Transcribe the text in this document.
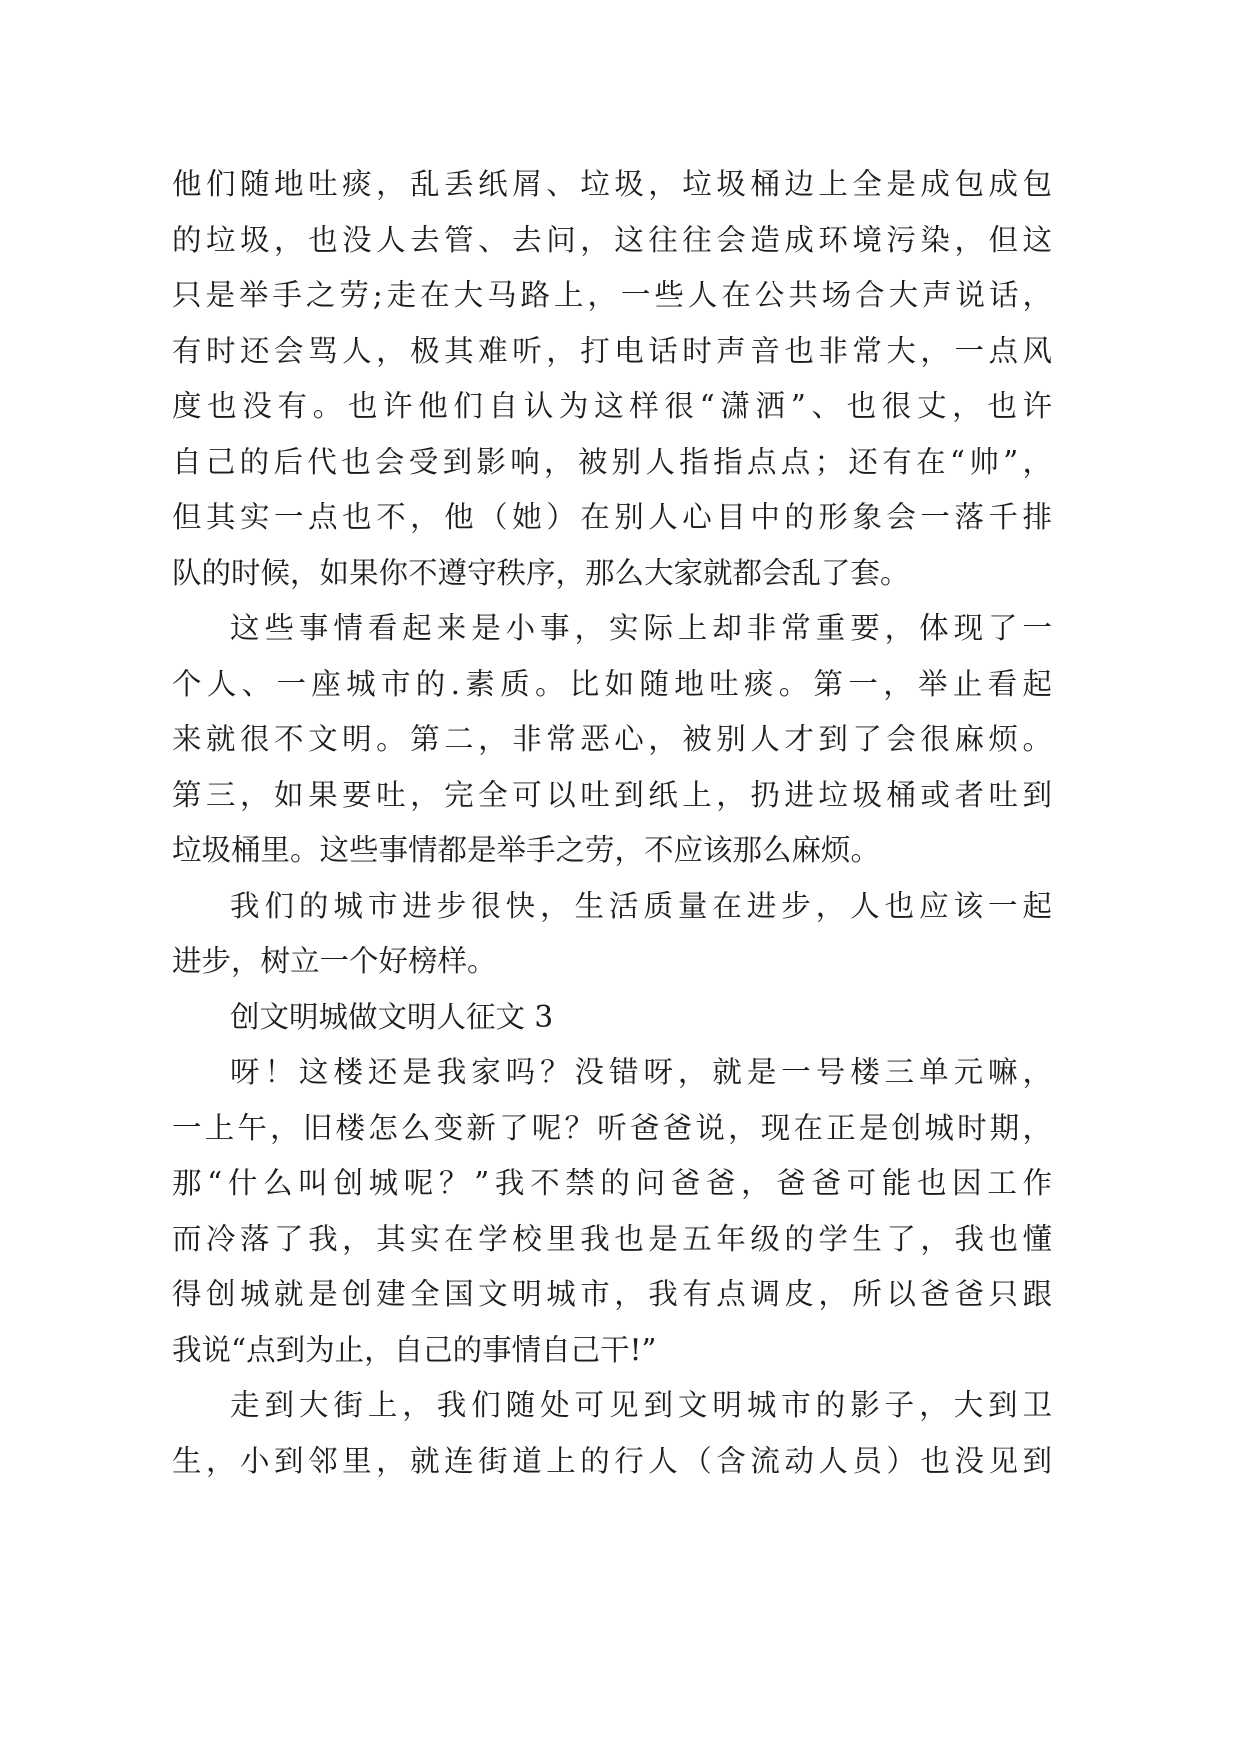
他们随地吐痰，乱丢纸屑、垃圾，垃圾桶边上全是成包成包
的垃圾，也没人去管、去问，这往往会造成环境污染，但这
只是举手之劳;走在大马路上，一些人在公共场合大声说话，
有时还会骂人，极其难听，打电话时声音也非常大，一点风
度也没有。也许他们自认为这样很“潇洒”、也很丈，也许
自己的后代也会受到影响，被别人指指点点；还有在“帅”，
但其实一点也不，他（她）在别人心目中的形象会一落千排
队的时候，如果你不遵守秩序，那么大家就都会乱了套。
这些事情看起来是小事，实际上却非常重要，体现了一
个人、一座城市的.素质。比如随地吐痰。第一，举止看起
来就很不文明。第二，非常恶心，被别人才到了会很麻烦。
第三，如果要吐，完全可以吐到纸上，扔进垃圾桶或者吐到
垃圾桶里。这些事情都是举手之劳，不应该那么麻烦。
我们的城市进步很快，生活质量在进步，人也应该一起
进步，树立一个好榜样。
创文明城做文明人征文 3
呀！这楼还是我家吗？没错呀，就是一号楼三单元嘛，
一上午，旧楼怎么变新了呢？听爸爸说，现在正是创城时期，
那“什么叫创城呢？”我不禁的问爸爸，爸爸可能也因工作
而冷落了我，其实在学校里我也是五年级的学生了，我也懂
得创城就是创建全国文明城市，我有点调皮，所以爸爸只跟
我说“点到为止，自己的事情自己干!”
走到大街上，我们随处可见到文明城市的影子，大到卫
生，小到邻里，就连街道上的行人（含流动人员）也没见到
